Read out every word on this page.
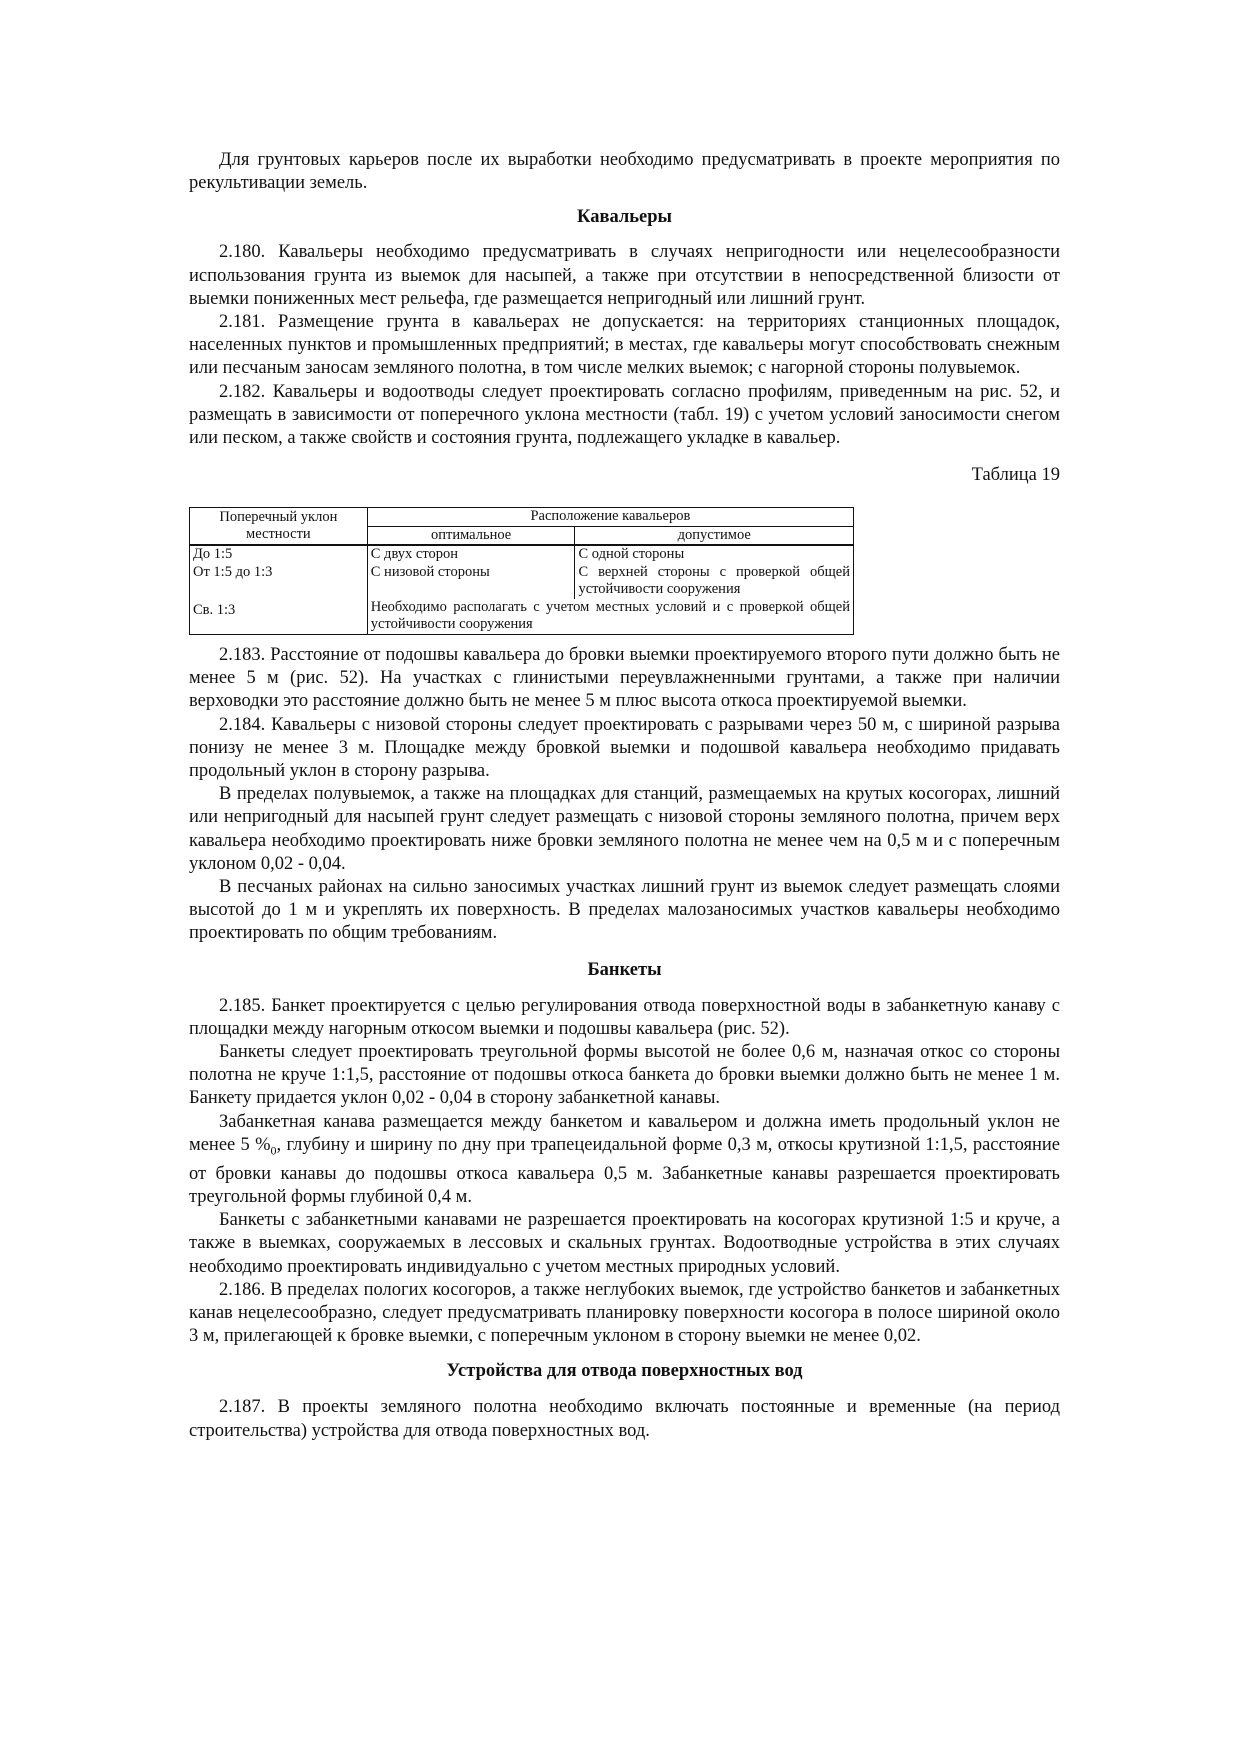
Для грунтовых карьеров после их выработки необходимо предусматривать в проекте мероприятия по рекультивации земель.

Кавальеры

2.180. Кавальеры необходимо предусматривать в случаях непригодности или нецелесообразности использования грунта из выемок для насыпей, а также при отсутствии в непосредственной близости от выемки пониженных мест рельефа, где размещается непригодный или лишний грунт.

2.181. Размещение грунта в кавальерах не допускается: на территориях станционных площадок, населенных пунктов и промышленных предприятий; в местах, где кавальеры могут способствовать снежным или песчаным заносам земляного полотна, в том числе мелких выемок; с нагорной стороны полувыемок.

2.182. Кавальеры и водоотводы следует проектировать согласно профилям, приведенным на рис. 52, и размещать в зависимости от поперечного уклона местности (табл. 19) с учетом условий заносимости снегом или песком, а также свойств и состояния грунта, подлежащего укладке в кавальер.

Таблица 19

Поперечный уклон местности	Расположение кавальеров	
	оптимальное	допустимое
До 1:5	С двух сторон	С одной стороны
От 1:5 до 1:3	С низовой стороны	С верхней стороны с проверкой общей устойчивости сооружения
Св. 1:3	Необходимо располагать с учетом местных условий и с проверкой общей устойчивости сооружения	

2.183. Расстояние от подошвы кавальера до бровки выемки проектируемого второго пути должно быть не менее 5 м (рис. 52). На участках с глинистыми переувлажненными грунтами, а также при наличии верховодки это расстояние должно быть не менее 5 м плюс высота откоса проектируемой выемки.

2.184. Кавальеры с низовой стороны следует проектировать с разрывами через 50 м, с шириной разрыва понизу не менее 3 м. Площадке между бровкой выемки и подошвой кавальера необходимо придавать продольный уклон в сторону разрыва.

В пределах полувыемок, а также на площадках для станций, размещаемых на крутых косогорах, лишний или непригодный для насыпей грунт следует размещать с низовой стороны земляного полотна, причем верх кавальера необходимо проектировать ниже бровки земляного полотна не менее чем на 0,5 м и с поперечным уклоном 0,02 - 0,04.

В песчаных районах на сильно заносимых участках лишний грунт из выемок следует размещать слоями высотой до 1 м и укреплять их поверхность. В пределах малозаносимых участков кавальеры необходимо проектировать по общим требованиям.

Банкеты

2.185. Банкет проектируется с целью регулирования отвода поверхностной воды в забанкетную канаву с площадки между нагорным откосом выемки и подошвы кавальера (рис. 52).

Банкеты следует проектировать треугольной формы высотой не более 0,6 м, назначая откос со стороны полотна не круче 1:1,5, расстояние от подошвы откоса банкета до бровки выемки должно быть не менее 1 м. Банкету придается уклон 0,02 - 0,04 в сторону забанкетной канавы.

Забанкетная канава размещается между банкетом и кавальером и должна иметь продольный уклон не менее 5 $\%_0$, глубину и ширину по дну при трапецеидальной форме 0,3 м, откосы крутизной 1:1,5, расстояние от бровки канавы до подошвы откоса кавальера 0,5 м. Забанкетные канавы разрешается проектировать треугольной формы глубиной 0,4 м.

Банкеты с забанкетными канавами не разрешается проектировать на косогорах крутизной 1:5 и круче, а также в выемках, сооружаемых в лессовых и скальных грунтах. Водоотводные устройства в этих случаях необходимо проектировать индивидуально с учетом местных природных условий.

2.186. В пределах пологих косогоров, а также неглубоких выемок, где устройство банкетов и забанкетных канав нецелесообразно, следует предусматривать планировку поверхности косогора в полосе шириной около 3 м, прилегающей к бровке выемки, с поперечным уклоном в сторону выемки не менее 0,02.

Устройства для отвода поверхностных вод

2.187. В проекты земляного полотна необходимо включать постоянные и временные (на период строительства) устройства для отвода поверхностных вод.
